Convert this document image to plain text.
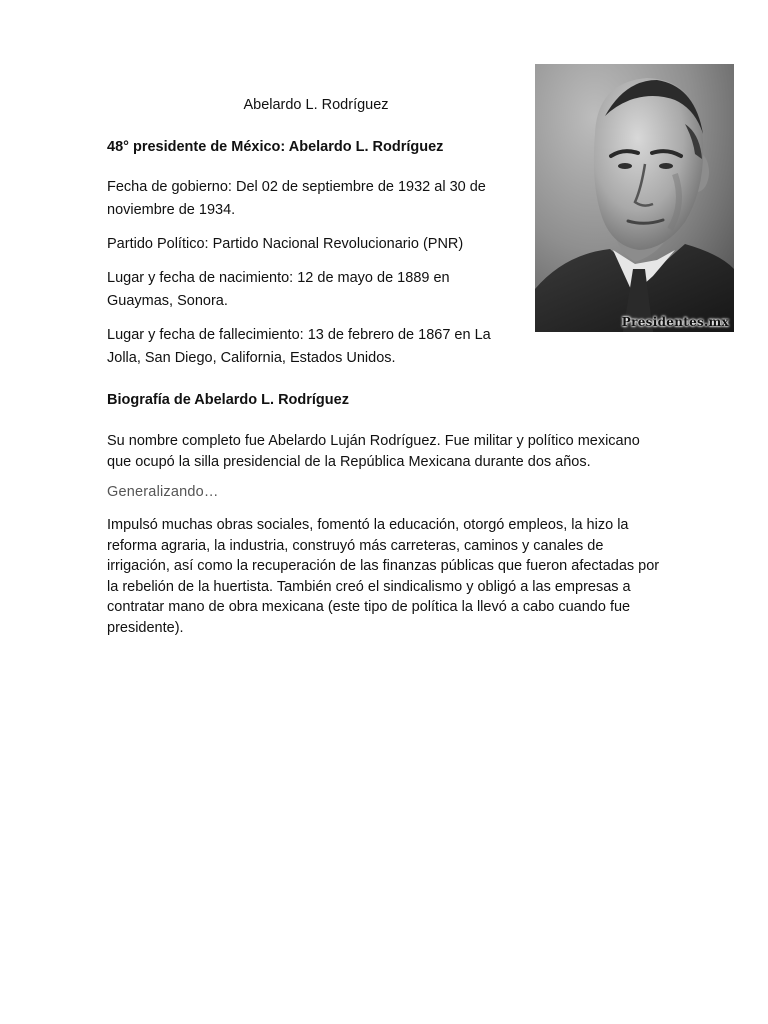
Abelardo L. Rodríguez
48° presidente de México: Abelardo L. Rodríguez

Fecha de gobierno: Del 02 de septiembre de 1932 al 30 de noviembre de 1934.

Partido Político: Partido Nacional Revolucionario (PNR)

Lugar y fecha de nacimiento: 12 de mayo de 1889 en Guaymas, Sonora.

Lugar y fecha de fallecimiento: 13 de febrero de 1867 en La Jolla, San Diego, California, Estados Unidos.

Biografía de Abelardo L. Rodríguez

Su nombre completo fue Abelardo Luján Rodríguez. Fue militar y político mexicano que ocupó la silla presidencial de la República Mexicana durante dos años.

Generalizando…

Impulsó muchas obras sociales, fomentó la educación, otorgó empleos, la hizo la reforma agraria, la industria, construyó más carreteras, caminos y canales de irrigación, así como la recuperación de las finanzas públicas que fueron afectadas por la rebelión de la huertista. También creó el sindicalismo y obligó a las empresas a contratar mano de obra mexicana (este tipo de política la llevó a cabo cuando fue presidente).

Presidentes.mx
